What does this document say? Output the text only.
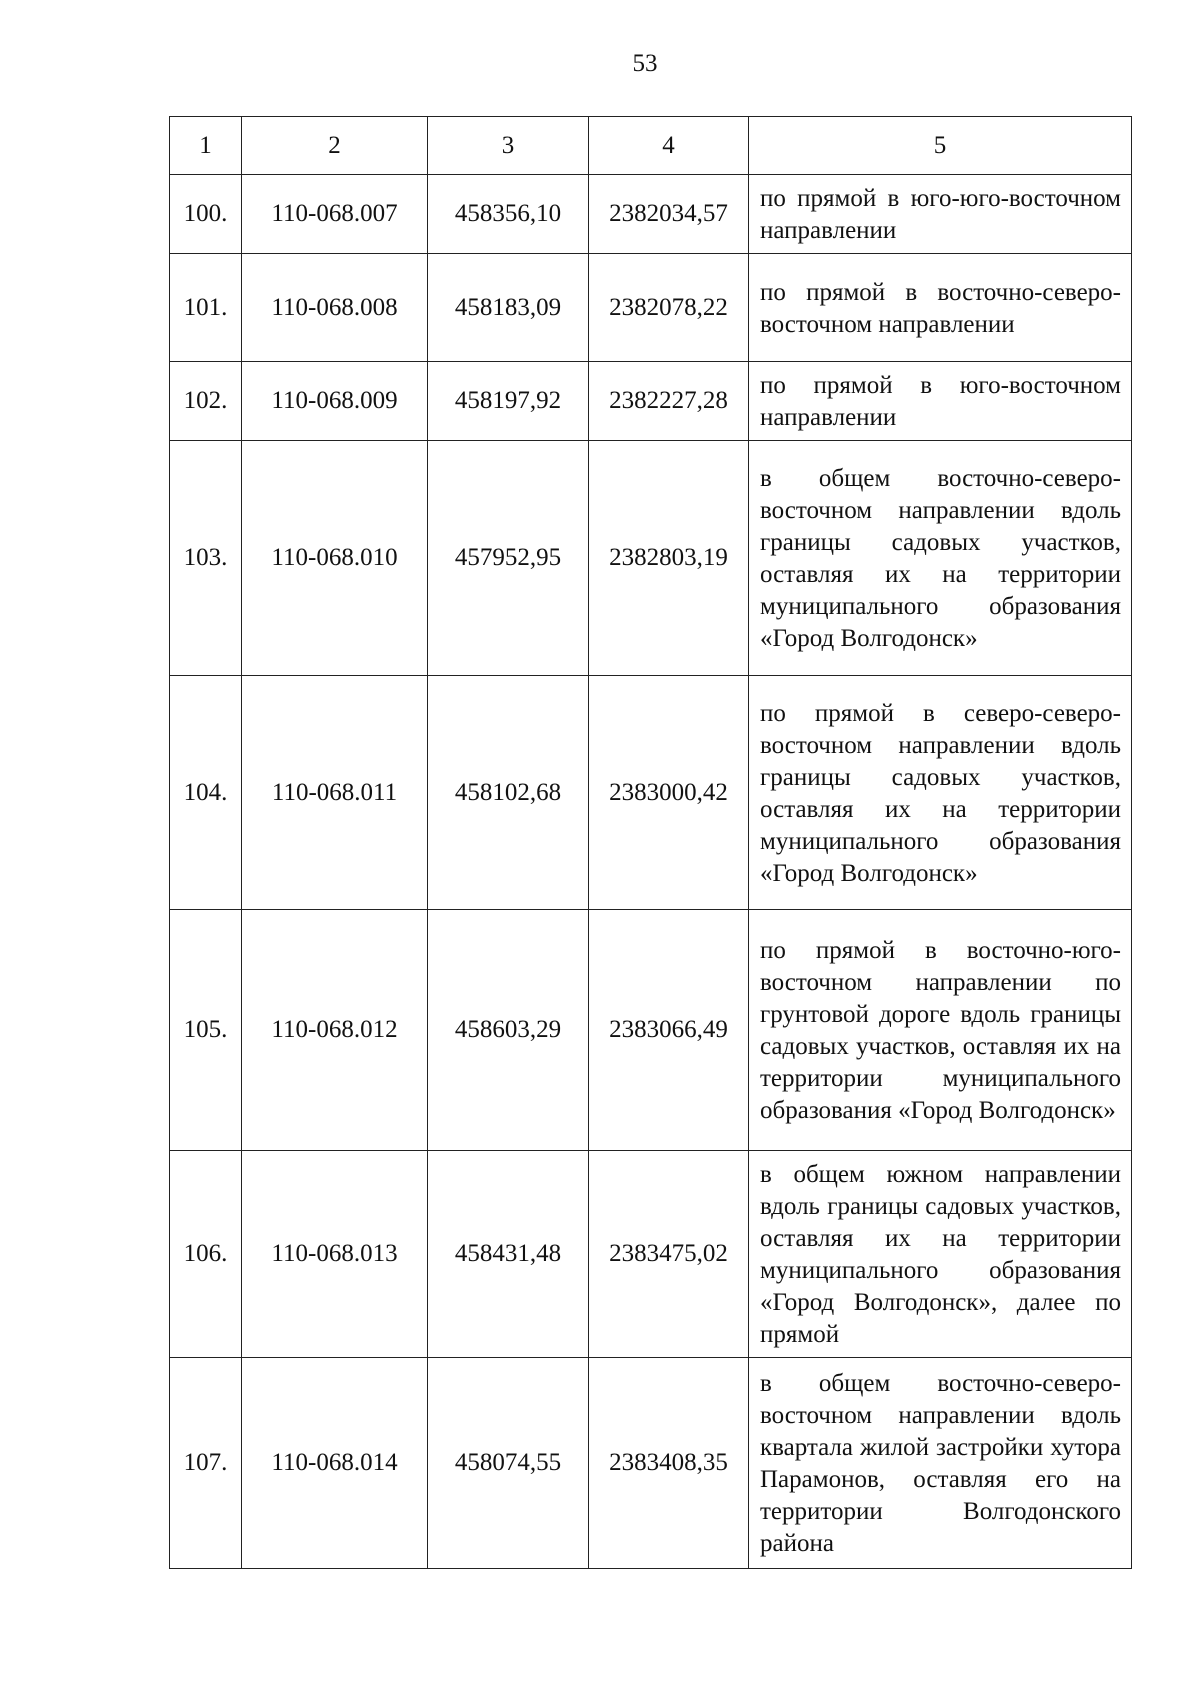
53
1	2	3	4	5
100.	110-068.007	458356,10	2382034,57	по прямой в юго-юго-восточном направлении
101.	110-068.008	458183,09	2382078,22	по прямой в восточно-северо-восточном направлении
102.	110-068.009	458197,92	2382227,28	по прямой в юго-восточном направлении
103.	110-068.010	457952,95	2382803,19	в общем восточно-северо-восточном направлении вдоль границы садовых участков, оставляя их на территории муниципального образования «Город Волгодонск»
104.	110-068.011	458102,68	2383000,42	по прямой в северо-северо-восточном направлении вдоль границы садовых участков, оставляя их на территории муниципального образования «Город Волгодонск»
105.	110-068.012	458603,29	2383066,49	по прямой в восточно-юго-восточном направлении по грунтовой дороге вдоль границы садовых участков, оставляя их на территории муниципального образования «Город Волгодонск»
106.	110-068.013	458431,48	2383475,02	в общем южном направлении вдоль границы садовых участков, оставляя их на территории муниципального образования «Город Волгодонск», далее по прямой
107.	110-068.014	458074,55	2383408,35	в общем восточно-северо-восточном направлении вдоль квартала жилой застройки хутора Парамонов, оставляя его на территории Волгодонского района
